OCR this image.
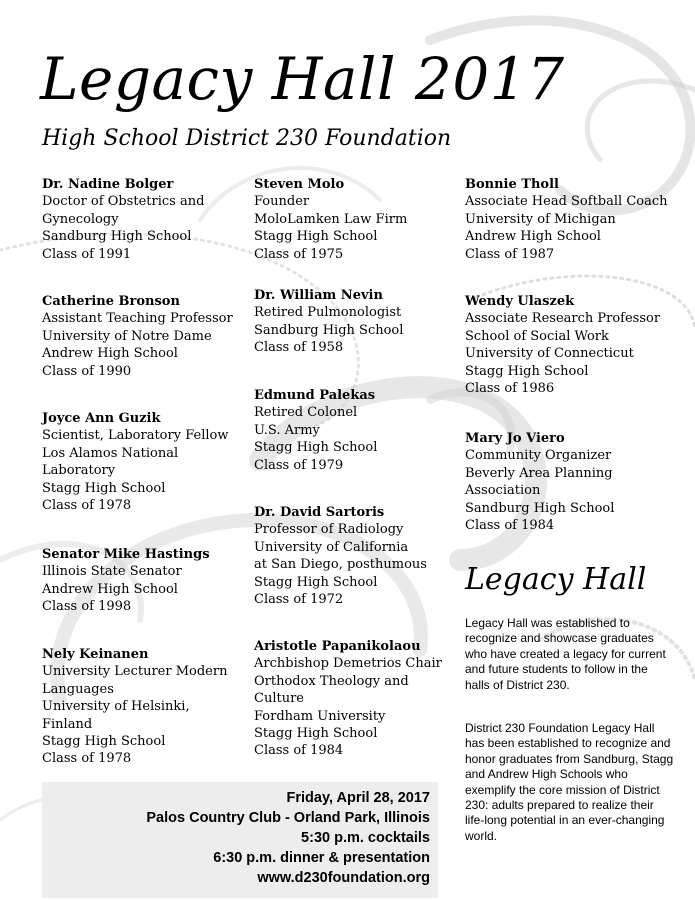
Legacy Hall 2017
High School District 230 Foundation
Dr. Nadine Bolger
Doctor of Obstetrics and
Gynecology
Sandburg High School
Class of 1991
Catherine Bronson
Assistant Teaching Professor
University of Notre Dame
Andrew High School
Class of 1990
Joyce Ann Guzik
Scientist, Laboratory Fellow
Los Alamos National
Laboratory
Stagg High School
Class of 1978
Senator Mike Hastings
Illinois State Senator
Andrew High School
Class of 1998
Nely Keinanen
University Lecturer Modern
Languages
University of Helsinki,
Finland
Stagg High School
Class of 1978
Steven Molo
Founder
MoloLamken Law Firm
Stagg High School
Class of 1975
Dr. William Nevin
Retired Pulmonologist
Sandburg High School
Class of 1958
Edmund Palekas
Retired Colonel
U.S. Army
Stagg High School
Class of 1979
Dr. David Sartoris
Professor of Radiology
University of California
at San Diego, posthumous
Stagg High School
Class of 1972
Aristotle Papanikolaou
Archbishop Demetrios Chair
Orthodox Theology and
Culture
Fordham University
Stagg High School
Class of 1984
Bonnie Tholl
Associate Head Softball Coach
University of Michigan
Andrew High School
Class of 1987
Wendy Ulaszek
Associate Research Professor
School of Social Work
University of Connecticut
Stagg High School
Class of 1986
Mary Jo Viero
Community Organizer
Beverly Area Planning
Association
Sandburg High School
Class of 1984
Legacy Hall

Legacy Hall was established to recognize and showcase graduates who have created a legacy for current and future students to follow in the halls of District 230.

District 230 Foundation Legacy Hall has been established to recognize and honor graduates from Sandburg, Stagg and Andrew High Schools who exemplify the core mission of District 230: adults prepared to realize their life-long potential in an ever-changing world.

Friday, April 28, 2017
Palos Country Club - Orland Park, Illinois
5:30 p.m. cocktails
6:30 p.m. dinner & presentation
www.d230foundation.org
